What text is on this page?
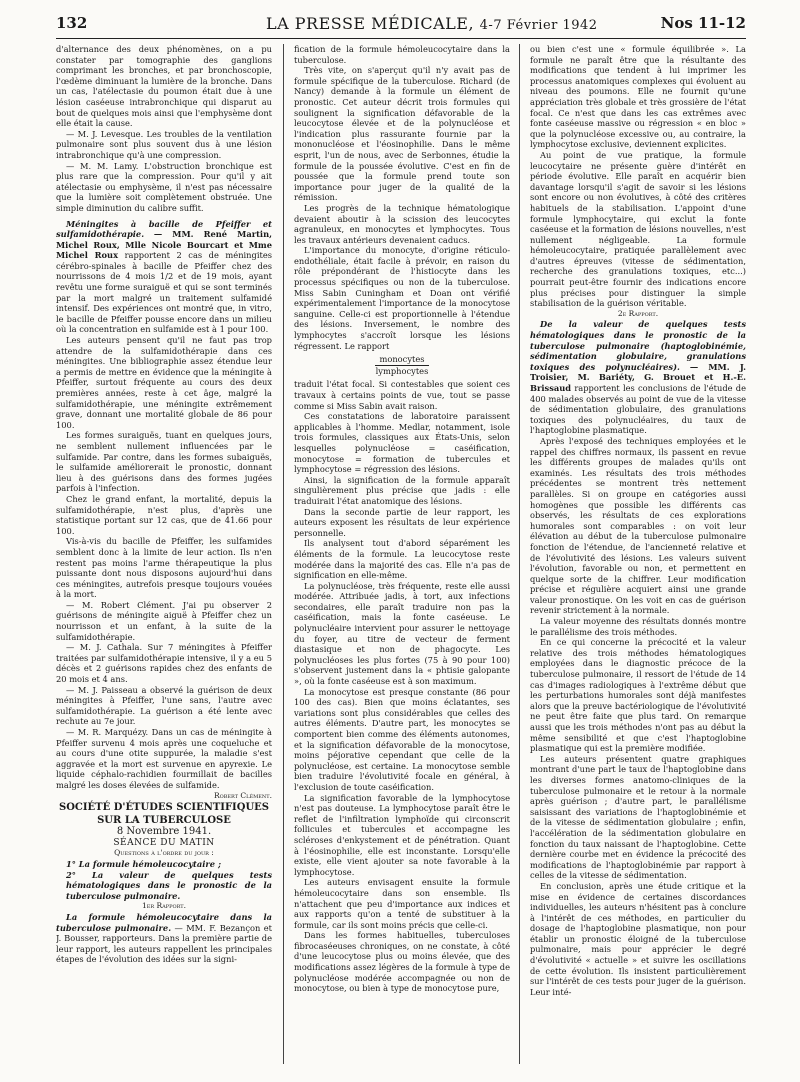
132	LA PRESSE MÉDICALE, 4-7 Février 1942	Nos 11-12

d'alternance des deux phénomènes, on a pu constater par tomographie des ganglions comprimant les bronches, et par bronchoscopie, l'œdème diminuant la lumière de la bronche. Dans un cas, l'atélectasie du poumon était due à une lésion caséeuse intrabronchique qui disparut au bout de quelques mois ainsi que l'emphysème dont elle était la cause.

— M. J. Levesque. Les troubles de la ventilation pulmonaire sont plus souvent dus à une lésion intrabronchique qu'à une compression.

— M. M. Lamy. L'obstruction bronchique est plus rare que la compression. Pour qu'il y ait atélectasie ou emphysème, il n'est pas nécessaire que la lumière soit complètement obstruée. Une simple diminution du calibre suffit.

Méningites à bacille de Pfeiffer et sulfamidothérapie. — MM. René Martin, Michel Roux, Mlle Nicole Bourcart et Mme Michel Roux rapportent 2 cas de méningites cérébro-spinales à bacille de Pfeiffer chez des nourrissons de 4 mois 1/2 et de 19 mois, ayant revêtu une forme suraiguë et qui se sont terminés par la mort malgré un traitement sulfamidé intensif. Des expériences ont montré que, in vitro, le bacille de Pfeiffer pousse encore dans un milieu où la concentration en sulfamide est à 1 pour 100.

Les auteurs pensent qu'il ne faut pas trop attendre de la sulfamidothérapie dans ces méningites. Une bibliographie assez étendue leur a permis de mettre en évidence que la méningite à Pfeiffer, surtout fréquente au cours des deux premières années, reste à cet âge, malgré la sulfamidothérapie, une méningite extrêmement grave, donnant une mortalité globale de 86 pour 100.

Les formes suraiguës, tuant en quelques jours, ne semblent nullement influencées par le sulfamide. Par contre, dans les formes subaiguës, le sulfamide améliorerait le pronostic, donnant lieu à des guérisons dans des formes jugées parfois à l'infection.

Chez le grand enfant, la mortalité, depuis la sulfamidothérapie, n'est plus, d'après une statistique portant sur 12 cas, que de 41.66 pour 100.

Vis-à-vis du bacille de Pfeiffer, les sulfamides semblent donc à la limite de leur action. Ils n'en restent pas moins l'arme thérapeutique la plus puissante dont nous disposons aujourd'hui dans ces méningites, autrefois presque toujours vouées à la mort.

— M. Robert Clément. J'ai pu observer 2 guérisons de méningite aiguë à Pfeiffer chez un nourrisson et un enfant, à la suite de la sulfamidothérapie.

— M. J. Cathala. Sur 7 méningites à Pfeiffer traitées par sulfamidothérapie intensive, il y a eu 5 décès et 2 guérisons rapides chez des enfants de 20 mois et 4 ans.

— M. J. Paisseau a observé la guérison de deux méningites à Pfeiffer, l'une sans, l'autre avec sulfamidothérapie. La guérison a été lente avec rechute au 7e jour.

— M. R. Marquézy. Dans un cas de méningite à Pfeiffer survenu 4 mois après une coqueluche et au cours d'une otite suppurée, la maladie s'est aggravée et la mort est survenue en apyrexie. Le liquide céphalo-rachidien fourmillait de bacilles malgré les doses élevées de sulfamide.

Robert Clément.

SOCIÉTÉ D'ÉTUDES SCIENTIFIQUES SUR LA TUBERCULOSE

8 Novembre 1941.

SÉANCE DU MATIN

Questions à l'ordre du jour :

1° La formule hémoleucocytaire ;

2° La valeur de quelques tests hématologiques dans le pronostic de la tuberculose pulmonaire.

1er Rapport.

La formule hémoleucocytaire dans la tuberculose pulmonaire. — MM. F. Bezançon et J. Bousser, rapporteurs. Dans la première partie de leur rapport, les auteurs rappellent les principales étapes de l'évolution des idées sur la signi-

fication de la formule hémoleucocytaire dans la tuberculose.

Très vite, on s'aperçut qu'il n'y avait pas de formule spécifique de la tuberculose. Richard (de Nancy) demande à la formule un élément de pronostic. Cet auteur décrit trois formules qui soulignent la signification défavorable de la leucocytose élevée et de la polynucléose et l'indication plus rassurante fournie par la mononucléose et l'éosinophilie. Dans le même esprit, l'un de nous, avec de Serbonnes, étudie la formule de la poussée évolutive. C'est en fin de poussée que la formule prend toute son importance pour juger de la qualité de la rémission.

Les progrès de la technique hématologique devaient aboutir à la scission des leucocytes agranuleux, en monocytes et lymphocytes. Tous les travaux antérieurs devenaient caducs.

L'importance du monocyte, d'origine réticulo-endothéliale, était facile à prévoir, en raison du rôle prépondérant de l'histiocyte dans les processus spécifiques ou non de la tuberculose. Miss Sabin Cuningham et Doan ont vérifié expérimentalement l'importance de la monocytose sanguine. Celle-ci est proportionnelle à l'étendue des lésions. Inversement, le nombre des lymphocytes s'accroît lorsque les lésions régressent. Le rapport

monocytes
lymphocytes

traduit l'état focal. Si contestables que soient ces travaux à certains points de vue, tout se passe comme si Miss Sabin avait raison.

Ces constatations de laboratoire paraissent applicables à l'homme. Medlar, notamment, isole trois formules, classiques aux États-Unis, selon lesquelles polynucléose = caséification, monocytose = formation de tubercules et lymphocytose = régression des lésions.

Ainsi, la signification de la formule apparaît singulièrement plus précise que jadis : elle traduirait l'état anatomique des lésions.

Dans la seconde partie de leur rapport, les auteurs exposent les résultats de leur expérience personnelle.

Ils analysent tout d'abord séparément les éléments de la formule. La leucocytose reste modérée dans la majorité des cas. Elle n'a pas de signification en elle-même.

La polynucléose, très fréquente, reste elle aussi modérée. Attribuée jadis, à tort, aux infections secondaires, elle paraît traduire non pas la caséification, mais la fonte caséeuse. Le polynucléaire intervient pour assurer le nettoyage du foyer, au titre de vecteur de ferment diastasique et non de phagocyte. Les polynucléoses les plus fortes (75 à 90 pour 100) s'observent justement dans la « phtisie galopante », où la fonte caséeuse est à son maximum.

La monocytose est presque constante (86 pour 100 des cas). Bien que moins éclatantes, ses variations sont plus considérables que celles des autres éléments. D'autre part, les monocytes se comportent bien comme des éléments autonomes, et la signification défavorable de la monocytose, moins péjorative cependant que celle de la polynucléose, est certaine. La monocytose semble bien traduire l'évolutivité focale en général, à l'exclusion de toute caséification.

La signification favorable de la lymphocytose n'est pas douteuse. La lymphocytose paraît être le reflet de l'infiltration lymphoïde qui circonscrit follicules et tubercules et accompagne les scléroses d'enkystement et de pénétration. Quant à l'éosinophilie, elle est inconstante. Lorsqu'elle existe, elle vient ajouter sa note favorable à la lymphocytose.

Les auteurs envisagent ensuite la formule hémoleucocytaire dans son ensemble. Ils n'attachent que peu d'importance aux indices et aux rapports qu'on a tenté de substituer à la formule, car ils sont moins précis que celle-ci.

Dans les formes habituelles, tuberculoses fibrocaséeuses chroniques, on ne constate, à côté d'une leucocytose plus ou moins élevée, que des modifications assez légères de la formule à type de polynucléose modérée accompagnée ou non de monocytose, ou bien à type de monocytose pure,

ou bien c'est une « formule équilibrée ». La formule ne paraît être que la résultante des modifications que tendent à lui imprimer les processus anatomiques complexes qui évoluent au niveau des poumons. Elle ne fournit qu'une appréciation très globale et très grossière de l'état focal. Ce n'est que dans les cas extrêmes avec fonte caséeuse massive ou régression « en bloc » que la polynucléose excessive ou, au contraire, la lymphocytose exclusive, deviennent explicites.

Au point de vue pratique, la formule leucocytaire ne présente guère d'intérêt en période évolutive. Elle paraît en acquérir bien davantage lorsqu'il s'agit de savoir si les lésions sont encore ou non évolutives, à côté des critères habituels de la stabilisation. L'appoint d'une formule lymphocytaire, qui exclut la fonte caséeuse et la formation de lésions nouvelles, n'est nullement négligeable. La formule hémoleucocytaire, pratiquée parallèlement avec d'autres épreuves (vitesse de sédimentation, recherche des granulations toxiques, etc...) pourrait peut-être fournir des indications encore plus précises pour distinguer la simple stabilisation de la guérison véritable.

2e Rapport.

De la valeur de quelques tests hématologiques dans le pronostic de la tuberculose pulmonaire (haptoglobinémie, sédimentation globulaire, granulations toxiques des polynucléaires). — MM. J. Troisier, M. Bariéty, G. Brouet et H.-E. Brissaud rapportent les conclusions de l'étude de 400 malades observés au point de vue de la vitesse de sédimentation globulaire, des granulations toxiques des polynucléaires, du taux de l'haptoglobine plasmatique.

Après l'exposé des techniques employées et le rappel des chiffres normaux, ils passent en revue les différents groupes de malades qu'ils ont examinés. Les résultats des trois méthodes précédentes se montrent très nettement parallèles. Si on groupe en catégories aussi homogènes que possible les différents cas observés, les résultats de ces explorations humorales sont comparables : on voit leur élévation au début de la tuberculose pulmonaire fonction de l'étendue, de l'ancienneté relative et de l'évolutivité des lésions. Les valeurs suivent l'évolution, favorable ou non, et permettent en quelque sorte de la chiffrer. Leur modification précise et régulière acquiert ainsi une grande valeur pronostique. On les voit en cas de guérison revenir strictement à la normale.

La valeur moyenne des résultats donnés montre le parallélisme des trois méthodes.

En ce qui concerne la précocité et la valeur relative des trois méthodes hématologiques employées dans le diagnostic précoce de la tuberculose pulmonaire, il ressort de l'étude de 14 cas d'images radiologiques à l'extrême début que les perturbations humorales sont déjà manifestes alors que la preuve bactériologique de l'évolutivité ne peut être faite que plus tard. On remarque aussi que les trois méthodes n'ont pas au début la même sensibilité et que c'est l'haptoglobine plasmatique qui est la première modifiée.

Les auteurs présentent quatre graphiques montrant d'une part le taux de l'haptoglobine dans les diverses formes anatomo-cliniques de la tuberculose pulmonaire et le retour à la normale après guérison ; d'autre part, le parallélisme saisissant des variations de l'haptoglobinémie et de la vitesse de sédimentation globulaire ; enfin, l'accélération de la sédimentation globulaire en fonction du taux naissant de l'haptoglobine. Cette dernière courbe met en évidence la précocité des modifications de l'haptoglobinémie par rapport à celles de la vitesse de sédimentation.

En conclusion, après une étude critique et la mise en évidence de certaines discordances individuelles, les auteurs n'hésitent pas à conclure à l'intérêt de ces méthodes, en particulier du dosage de l'haptoglobine plasmatique, non pour établir un pronostic éloigné de la tuberculose pulmonaire, mais pour apprécier le degré d'évolutivité « actuelle » et suivre les oscillations de cette évolution. Ils insistent particulièrement sur l'intérêt de ces tests pour juger de la guérison. Leur inté-
